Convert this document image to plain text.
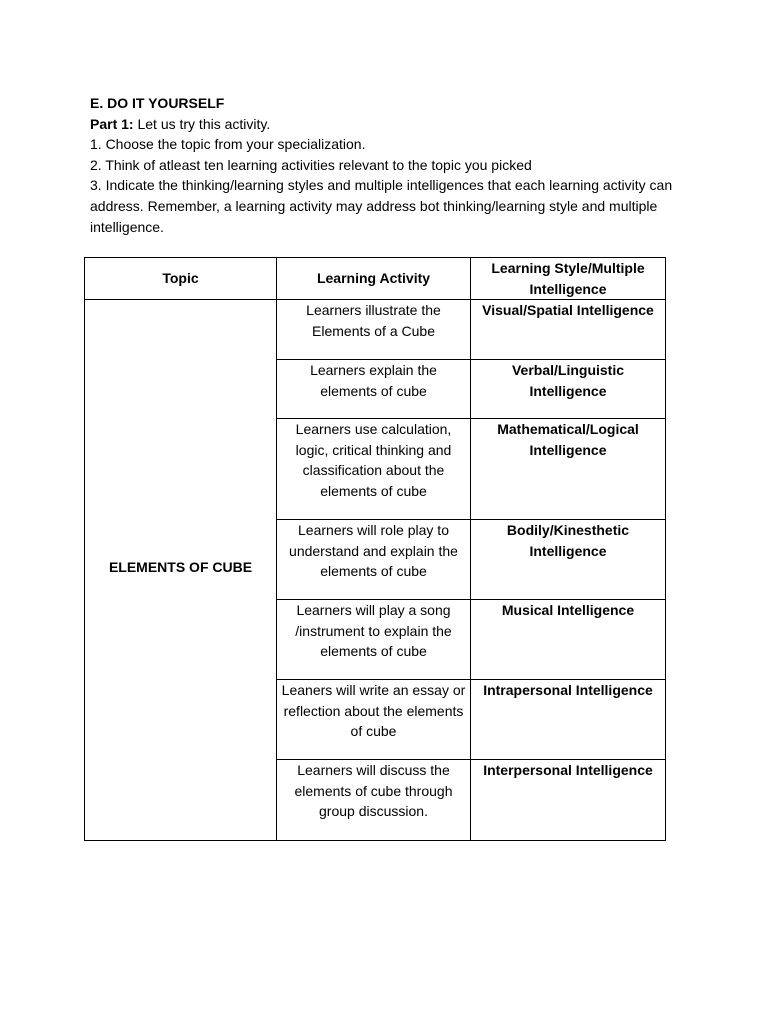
E. DO IT YOURSELF

Part 1: Let us try this activity.

1. Choose the topic from your specialization.

2. Think of atleast ten learning activities relevant to the topic you picked

3. Indicate the thinking/learning styles and multiple intelligences that each learning activity can address. Remember, a learning activity may address bot thinking/learning style and multiple intelligence.

Topic	Learning Activity	Learning Style/Multiple Intelligence

ELEMENTS OF CUBE	Learners illustrate the Elements of a Cube	Visual/Spatial Intelligence

	Learners explain the elements of cube	Verbal/Linguistic Intelligence

	Learners use calculation, logic, critical thinking and classification about the elements of cube	Mathematical/Logical Intelligence

	Learners will role play to understand and explain the elements of cube	Bodily/Kinesthetic Intelligence

	Learners will play a song /instrument to explain the elements of cube	Musical Intelligence

	Leaners will write an essay or reflection about the elements of cube	Intrapersonal Intelligence

	Learners will discuss the elements of cube through group discussion.	Interpersonal Intelligence
